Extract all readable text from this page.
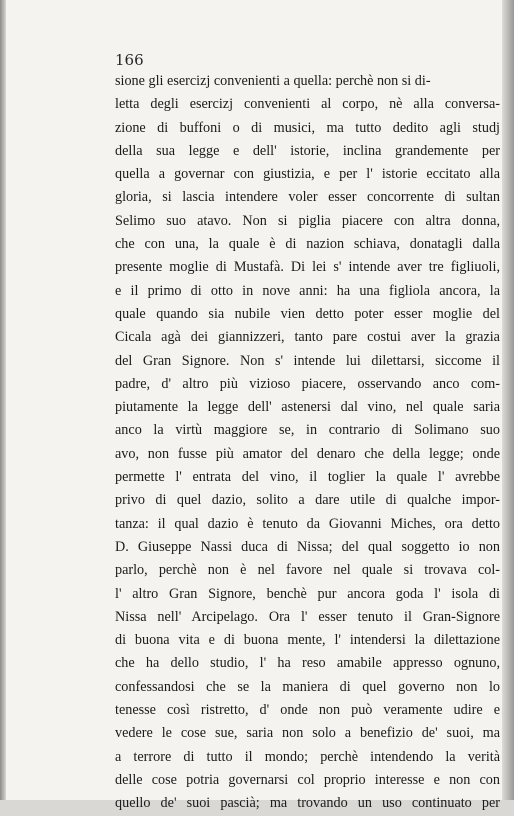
166
sione gli esercizj convenienti a quella: perchè non si di-
letta degli esercizj convenienti al corpo, nè alla conversa-
zione di buffoni o di musici, ma tutto dedito agli studj
della sua legge e dell' istorie, inclina grandemente per
quella a governar con giustizia, e per l' istorie eccitato alla
gloria, si lascia intendere voler esser concorrente di sultan
Selimo suo atavo. Non si piglia piacere con altra donna,
che con una, la quale è di nazion schiava, donatagli dalla
presente moglie di Mustafà. Di lei s' intende aver tre figliuoli,
e il primo di otto in nove anni: ha una figliola ancora, la
quale quando sia nubile vien detto poter esser moglie del
Cicala agà dei giannizzeri, tanto pare costui aver la grazia
del Gran Signore. Non s' intende lui dilettarsi, siccome il
padre, d' altro più vizioso piacere, osservando anco com-
piutamente la legge dell' astenersi dal vino, nel quale saria
anco la virtù maggiore se, in contrario di Solimano suo
avo, non fusse più amator del denaro che della legge; onde
permette l' entrata del vino, il toglier la quale l' avrebbe
privo di quel dazio, solito a dare utile di qualche impor-
tanza: il qual dazio è tenuto da Giovanni Miches, ora detto
D. Giuseppe Nassi duca di Nissa; del qual soggetto io non
parlo, perchè non è nel favore nel quale si trovava col-
l' altro Gran Signore, benchè pur ancora goda l' isola di
Nissa nell' Arcipelago. Ora l' esser tenuto il Gran-Signore
di buona vita e di buona mente, l' intendersi la dilettazione
che ha dello studio, l' ha reso amabile appresso ognuno,
confessandosi che se la maniera di quel governo non lo
tenesse così ristretto, d' onde non può veramente udire e
vedere le cose sue, saria non solo a benefizio de' suoi, ma
a terrore di tutto il mondo; perchè intendendo la verità
delle cose potria governarsi col proprio interesse e non con
quello de' suoi pascià; ma trovando un uso continuato per
